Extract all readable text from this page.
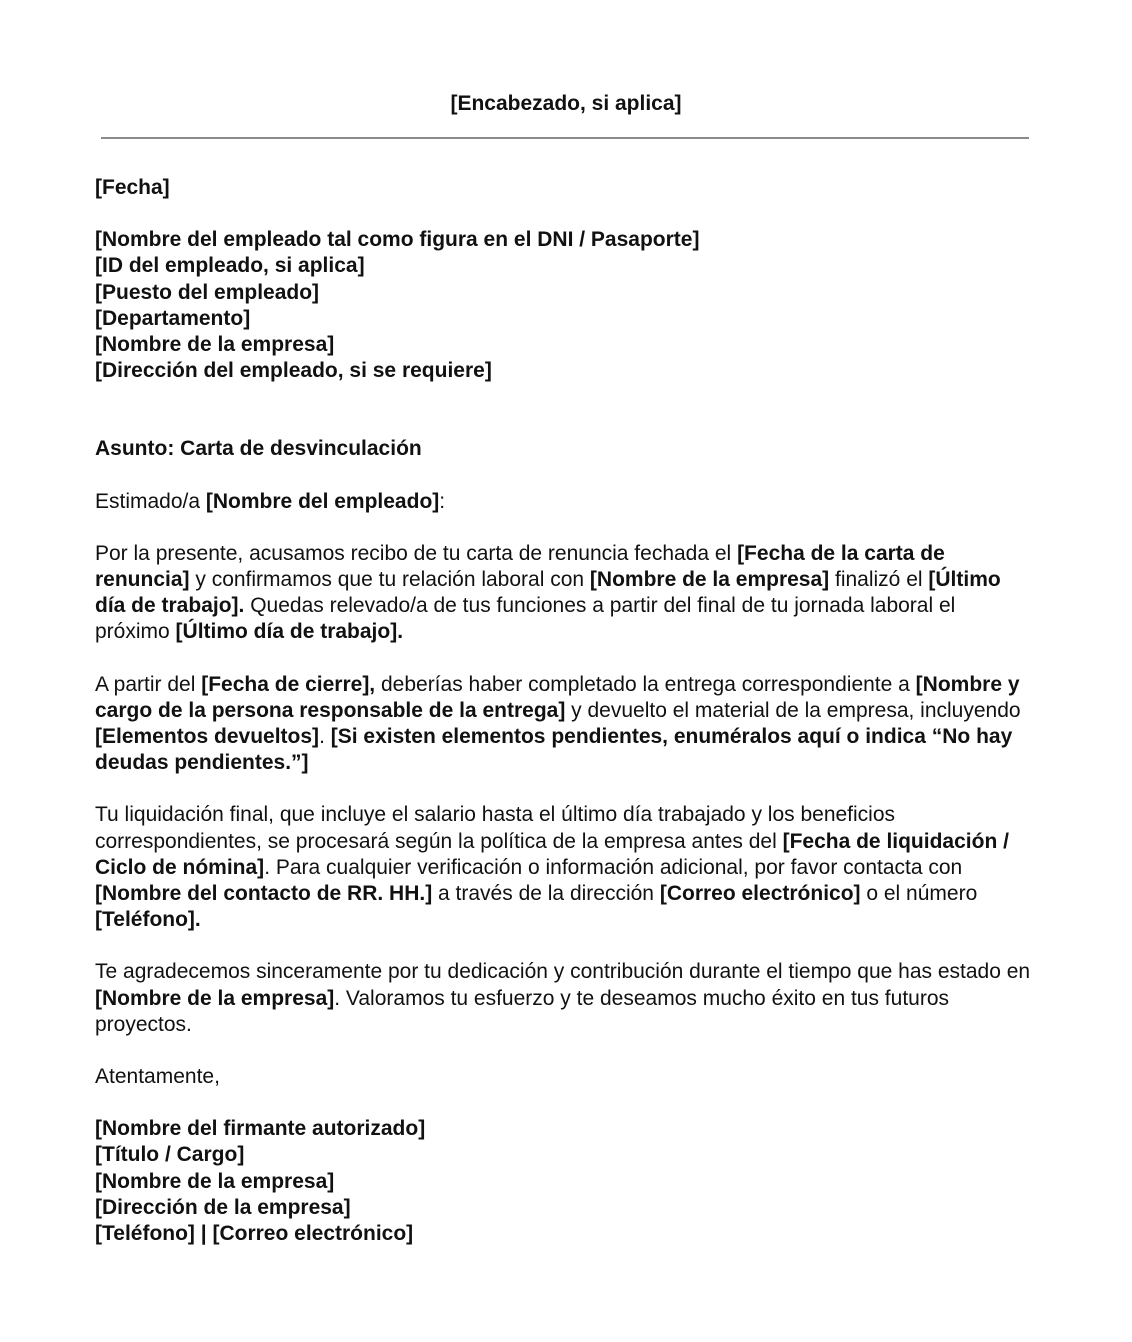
[Encabezado, si aplica]

[Fecha]

[Nombre del empleado tal como figura en el DNI / Pasaporte]

[ID del empleado, si aplica]

[Puesto del empleado]

[Departamento]

[Nombre de la empresa]

[Dirección del empleado, si se requiere]

Asunto: Carta de desvinculación

Estimado/a [Nombre del empleado]:

Por la presente, acusamos recibo de tu carta de renuncia fechada el [Fecha de la carta de renuncia] y confirmamos que tu relación laboral con [Nombre de la empresa] finalizó el [Último día de trabajo]. Quedas relevado/a de tus funciones a partir del final de tu jornada laboral el próximo [Último día de trabajo].

A partir del [Fecha de cierre], deberías haber completado la entrega correspondiente a [Nombre y cargo de la persona responsable de la entrega] y devuelto el material de la empresa, incluyendo [Elementos devueltos]. [Si existen elementos pendientes, enuméralos aquí o indica “No hay deudas pendientes.”]

Tu liquidación final, que incluye el salario hasta el último día trabajado y los beneficios correspondientes, se procesará según la política de la empresa antes del [Fecha de liquidación / Ciclo de nómina]. Para cualquier verificación o información adicional, por favor contacta con [Nombre del contacto de RR. HH.] a través de la dirección [Correo electrónico] o el número [Teléfono].

Te agradecemos sinceramente por tu dedicación y contribución durante el tiempo que has estado en [Nombre de la empresa]. Valoramos tu esfuerzo y te deseamos mucho éxito en tus futuros proyectos.

Atentamente,

[Nombre del firmante autorizado]

[Título / Cargo]

[Nombre de la empresa]

[Dirección de la empresa]

[Teléfono] | [Correo electrónico]
